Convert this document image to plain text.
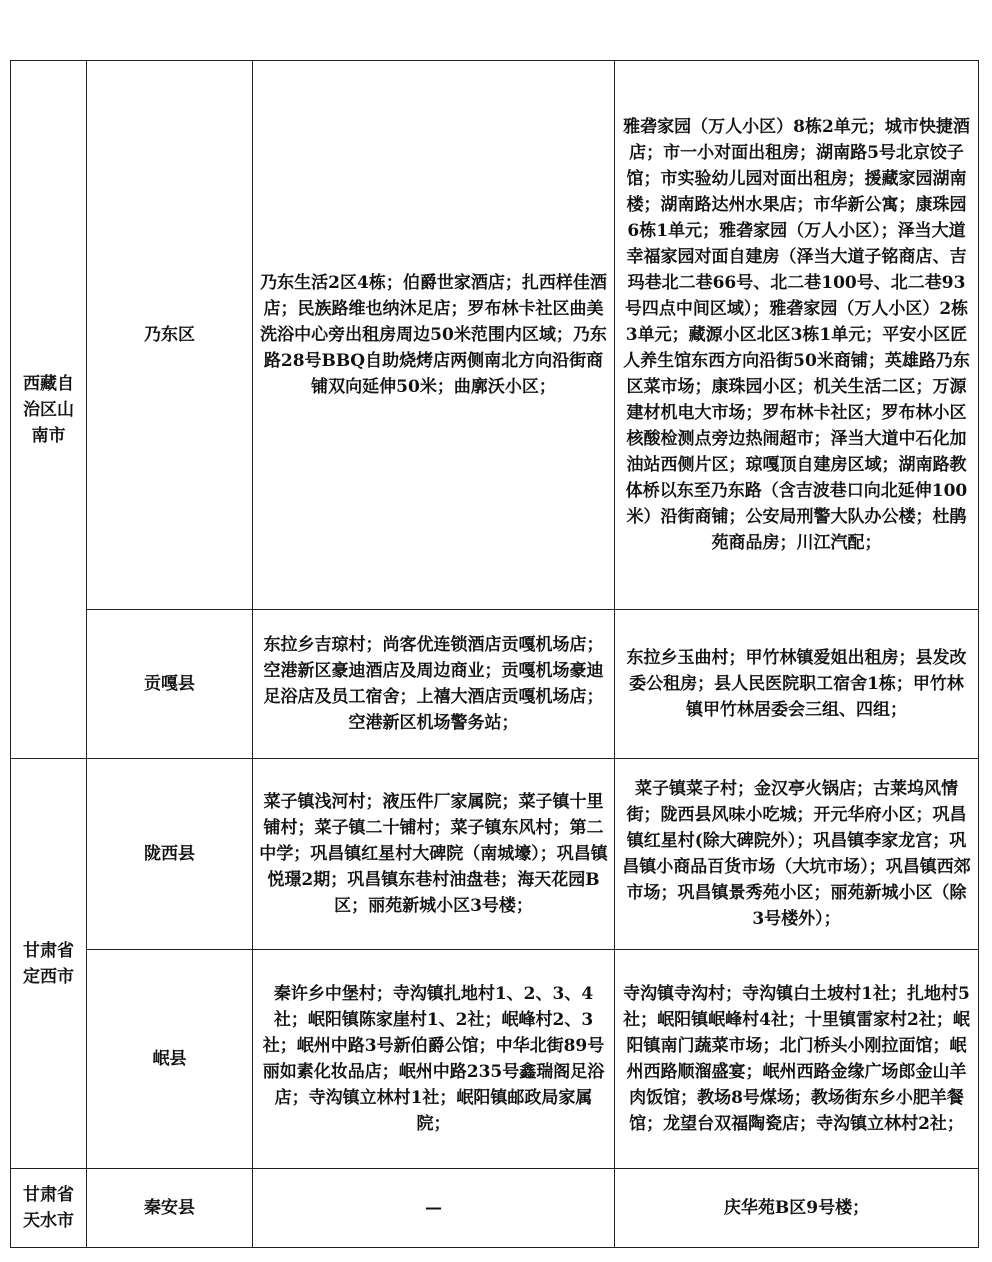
西藏自治区山南市	乃东区	乃东生活2区4栋；伯爵世家酒店；扎西样佳酒店；民族路维也纳沐足店；罗布林卡社区曲美洗浴中心旁出租房周边50米范围内区域；乃东路28号BBQ自助烧烤店两侧南北方向沿街商铺双向延伸50米；曲廓沃小区；	雅砻家园（万人小区）8栋2单元；城市快捷酒店；市一小对面出租房；湖南路5号北京饺子馆；市实验幼儿园对面出租房；援藏家园湖南楼；湖南路达州水果店；市华新公寓；康珠园6栋1单元；雅砻家园（万人小区）；泽当大道幸福家园对面自建房（泽当大道子铭商店、吉玛巷北二巷66号、北二巷100号、北二巷93号四点中间区域）；雅砻家园（万人小区）2栋3单元；藏源小区北区3栋1单元；平安小区匠人养生馆东西方向沿街50米商铺；英雄路乃东区菜市场；康珠园小区；机关生活二区；万源建材机电大市场；罗布林卡社区；罗布林小区核酸检测点旁边热闹超市；泽当大道中石化加油站西侧片区；琼嘎顶自建房区域；湖南路教体桥以东至乃东路（含吉波巷口向北延伸100米）沿街商铺；公安局刑警大队办公楼；杜鹃苑商品房；川江汽配；
	贡嘎县	东拉乡吉琼村；尚客优连锁酒店贡嘎机场店；空港新区豪迪酒店及周边商业；贡嘎机场豪迪足浴店及员工宿舍；上禧大酒店贡嘎机场店；空港新区机场警务站；	东拉乡玉曲村；甲竹林镇爱姐出租房；县发改委公租房；县人民医院职工宿舍1栋；甲竹林镇甲竹林居委会三组、四组；
甘肃省定西市	陇西县	菜子镇浅河村；液压件厂家属院；菜子镇十里铺村；菜子镇二十铺村；菜子镇东风村；第二中学；巩昌镇红星村大碑院（南城壕）；巩昌镇悦璟2期；巩昌镇东巷村油盘巷；海天花园B区；丽苑新城小区3号楼；	菜子镇菜子村；金汉亭火锅店；古莱坞风情街；陇西县风味小吃城；开元华府小区；巩昌镇红星村(除大碑院外）；巩昌镇李家龙宫；巩昌镇小商品百货市场（大坑市场）；巩昌镇西郊市场；巩昌镇景秀苑小区；丽苑新城小区（除3号楼外）；
	岷县	秦许乡中堡村；寺沟镇扎地村1、2、3、4社；岷阳镇陈家崖村1、2社；岷峰村2、3社；岷州中路3号新伯爵公馆；中华北街89号丽如素化妆品店；岷州中路235号鑫瑞阁足浴店；寺沟镇立林村1社；岷阳镇邮政局家属院；	寺沟镇寺沟村；寺沟镇白土坡村1社；扎地村5社；岷阳镇岷峰村4社；十里镇雷家村2社；岷阳镇南门蔬菜市场；北门桥头小刚拉面馆；岷州西路顺溜盛宴；岷州西路金缘广场郎金山羊肉饭馆；教场8号煤场；教场街东乡小肥羊餐馆；龙望台双福陶瓷店；寺沟镇立林村2社；
甘肃省天水市	秦安县	—	庆华苑B区9号楼；
